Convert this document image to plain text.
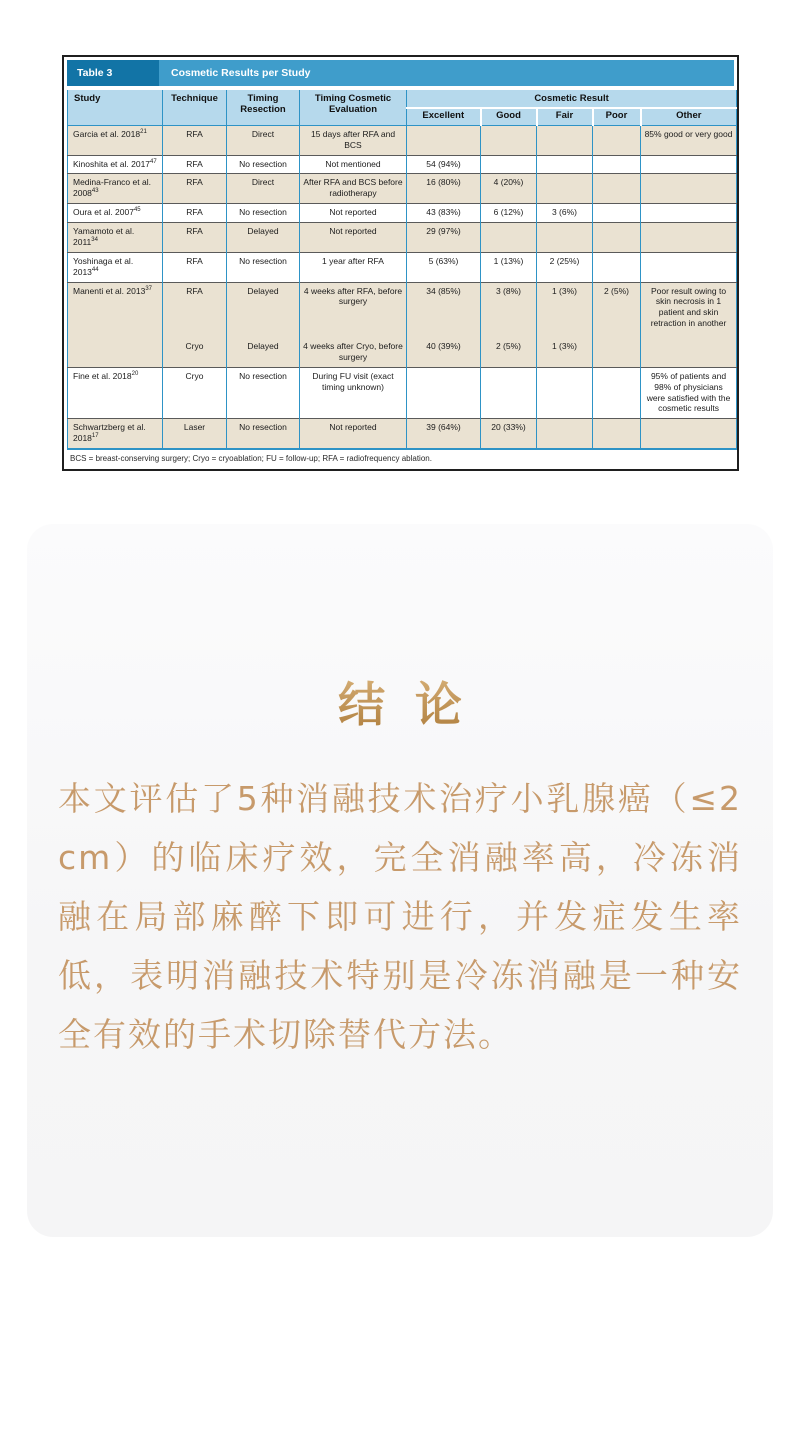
Table 3	Cosmetic Results per Study
Study	Technique	Timing Resection	Timing Cosmetic Evaluation	Cosmetic Result				
				Excellent	Good	Fair	Poor	Other
Garcia et al. 2018$^{21}$	RFA	Direct	15 days after RFA and BCS					85% good or very good
Kinoshita et al. 2017$^{47}$	RFA	No resection	Not mentioned	54 (94%)				
Medina-Franco et al. 2008$^{43}$	RFA	Direct	After RFA and BCS before radiotherapy	16 (80%)	4 (20%)			
Oura et al. 2007$^{45}$	RFA	No resection	Not reported	43 (83%)	6 (12%)	3 (6%)		
Yamamoto et al. 2011$^{34}$	RFA	Delayed	Not reported	29 (97%)				
Yoshinaga et al. 2013$^{44}$	RFA	No resection	1 year after RFA	5 (63%)	1 (13%)	2 (25%)		
Manenti et al. 2013$^{37}$	RFA	Delayed	4 weeks after RFA, before surgery	34 (85%)	3 (8%)	1 (3%)	2 (5%)	Poor result owing to skin necrosis in 1 patient and skin retraction in another
	Cryo	Delayed	4 weeks after Cryo, before surgery	40 (39%)	2 (5%)	1 (3%)		
Fine et al. 2018$^{20}$	Cryo	No resection	During FU visit (exact timing unknown)					95% of patients and 98% of physicians were satisfied with the cosmetic results
Schwartzberg et al. 2018$^{17}$	Laser	No resection	Not reported	39 (64%)	20 (33%)			
BCS = breast-conserving surgery; Cryo = cryoablation; FU = follow-up; RFA = radiofrequency ablation.
结 论
本文评估了5种消融技术治疗小乳腺癌（≤2 cm）的临床疗效，完全消融率高，冷冻消融在局部麻醉下即可进行，并发症发生率低，表明消融技术特别是冷冻消融是一种安全有效的手术切除替代方法。
